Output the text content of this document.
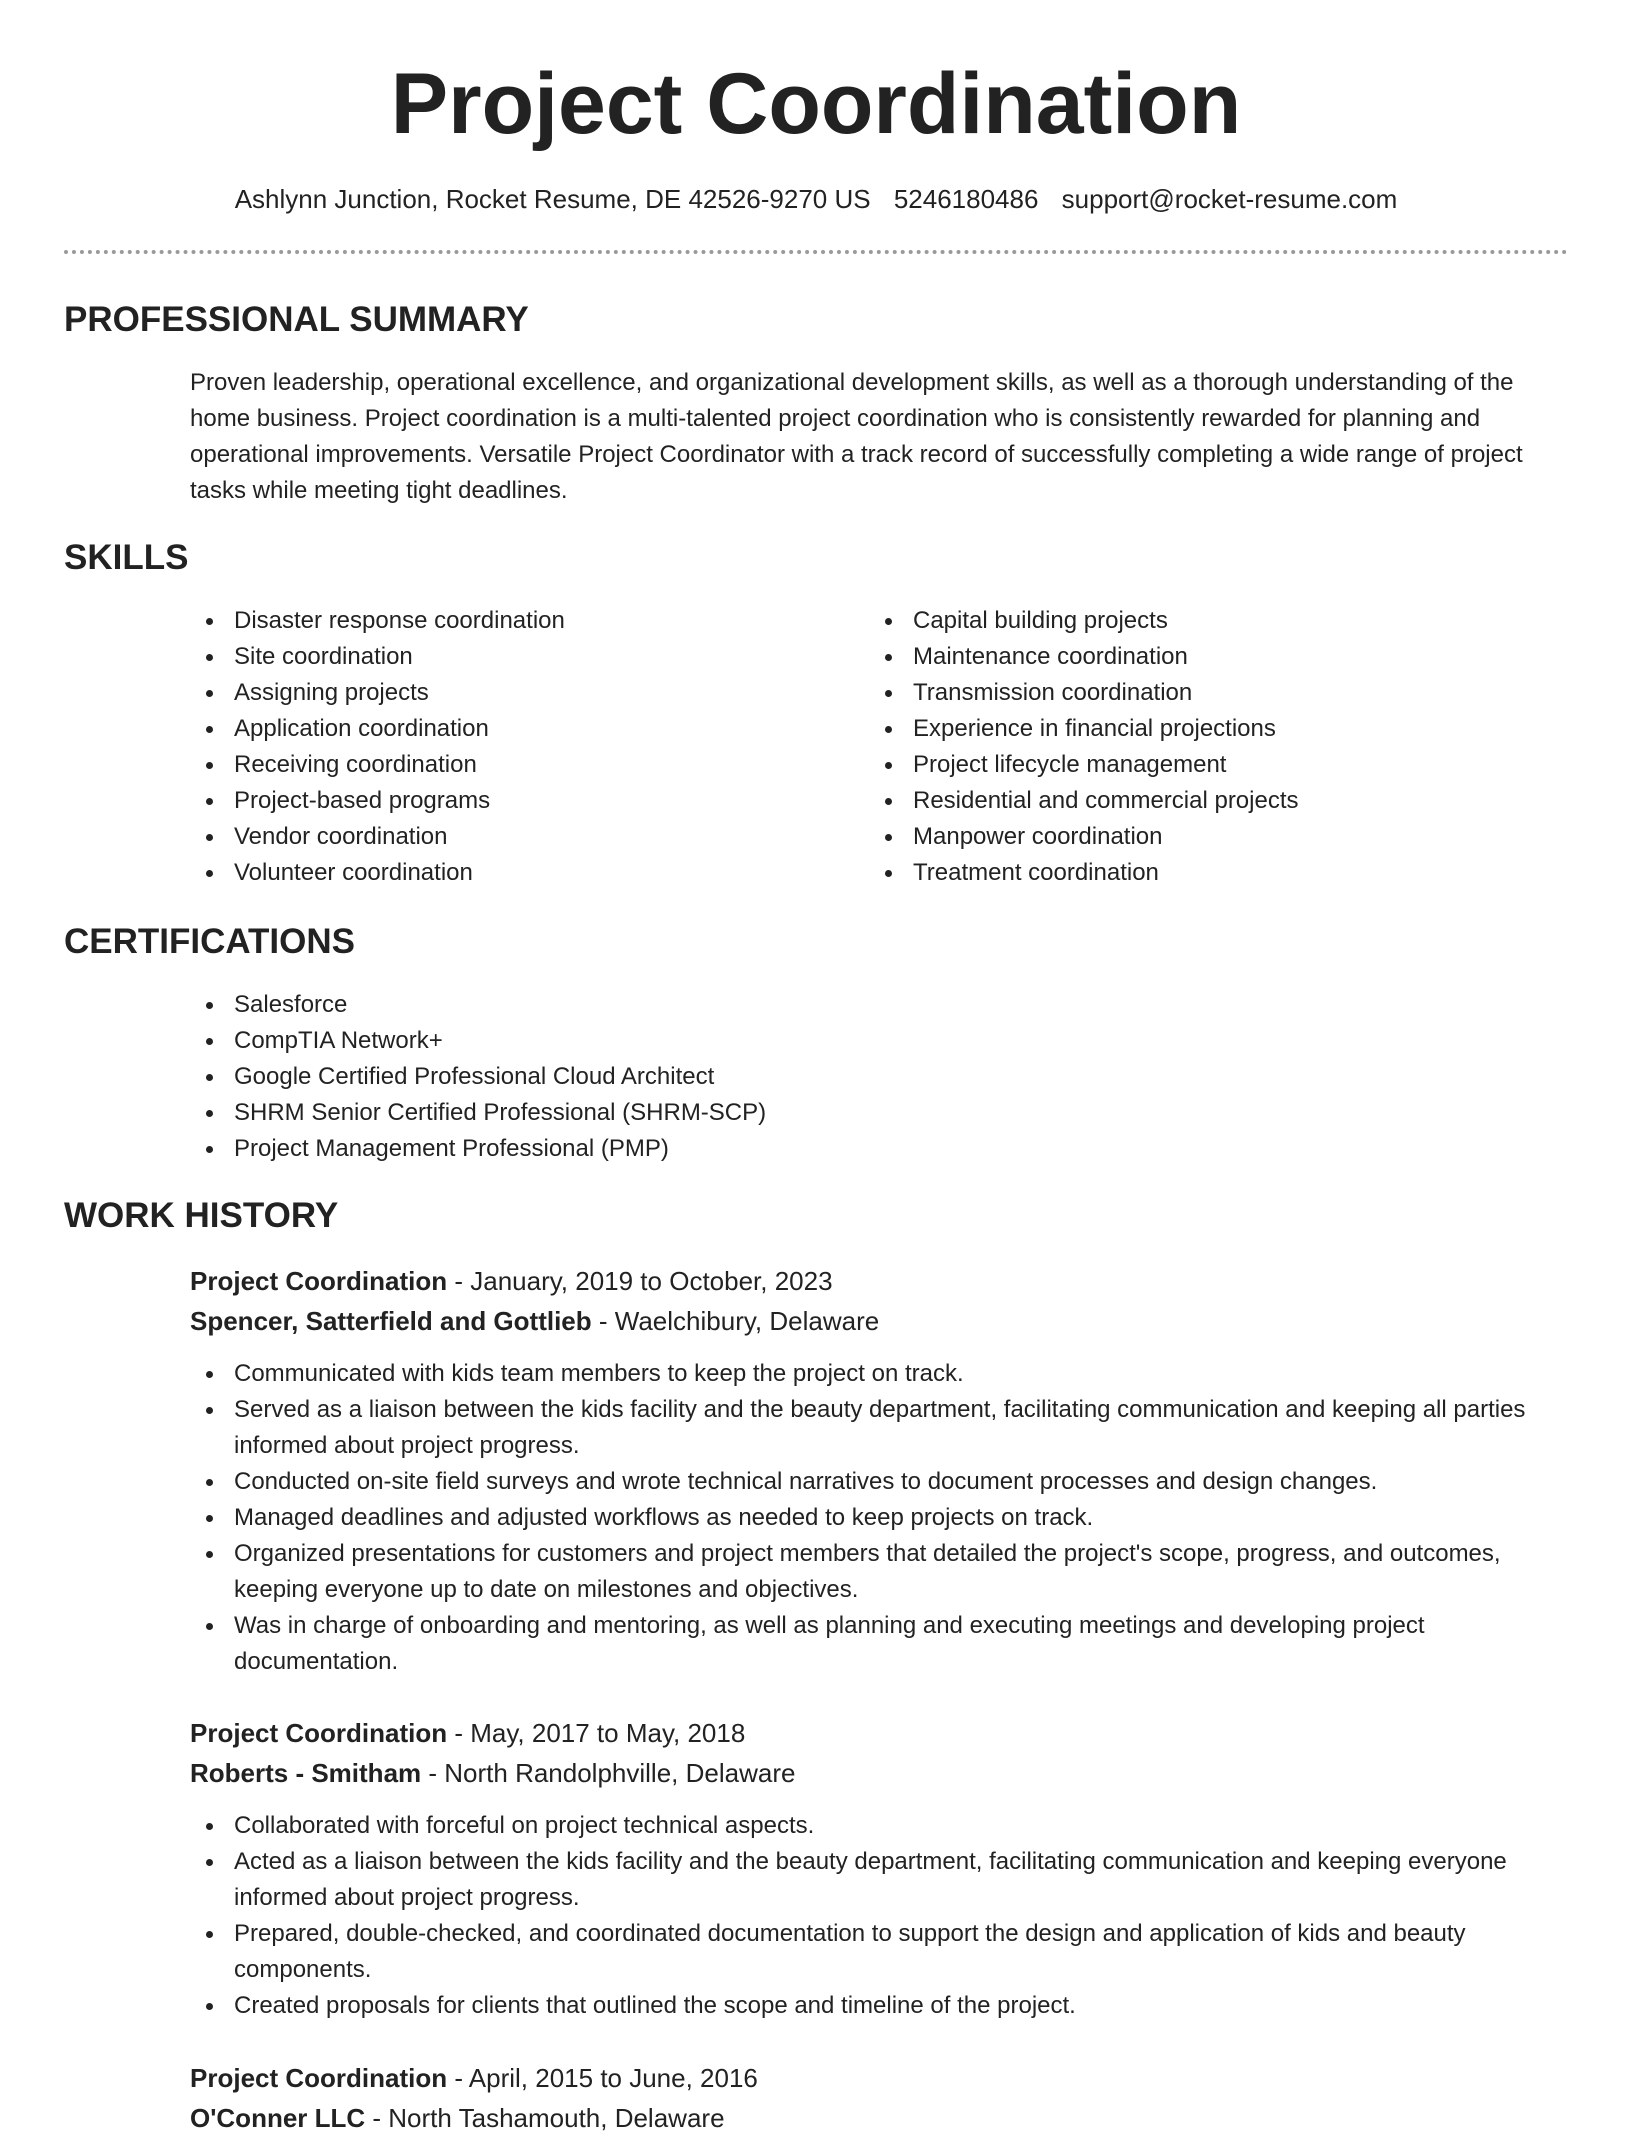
Project Coordination
Ashlynn Junction, Rocket Resume, DE 42526-9270 US 5246180486 support@rocket-resume.com
PROFESSIONAL SUMMARY

Proven leadership, operational excellence, and organizational development skills, as well as a thorough understanding of the home business. Project coordination is a multi-talented project coordination who is consistently rewarded for planning and operational improvements. Versatile Project Coordinator with a track record of successfully completing a wide range of project tasks while meeting tight deadlines.

SKILLS
Disaster response coordination
Site coordination
Assigning projects
Application coordination
Receiving coordination
Project-based programs
Vendor coordination
Volunteer coordination
Capital building projects
Maintenance coordination
Transmission coordination
Experience in financial projections
Project lifecycle management
Residential and commercial projects
Manpower coordination
Treatment coordination
CERTIFICATIONS
Salesforce
CompTIA Network+
Google Certified Professional Cloud Architect
SHRM Senior Certified Professional (SHRM-SCP)
Project Management Professional (PMP)
WORK HISTORY
Project Coordination - January, 2019 to October, 2023
Spencer, Satterfield and Gottlieb - Waelchibury, Delaware
Communicated with kids team members to keep the project on track.
Served as a liaison between the kids facility and the beauty department, facilitating communication and keeping all parties informed about project progress.
Conducted on-site field surveys and wrote technical narratives to document processes and design changes.
Managed deadlines and adjusted workflows as needed to keep projects on track.
Organized presentations for customers and project members that detailed the project's scope, progress, and outcomes, keeping everyone up to date on milestones and objectives.
Was in charge of onboarding and mentoring, as well as planning and executing meetings and developing project documentation.
Project Coordination - May, 2017 to May, 2018
Roberts - Smitham - North Randolphville, Delaware
Collaborated with forceful on project technical aspects.
Acted as a liaison between the kids facility and the beauty department, facilitating communication and keeping everyone informed about project progress.
Prepared, double-checked, and coordinated documentation to support the design and application of kids and beauty components.
Created proposals for clients that outlined the scope and timeline of the project.
Project Coordination - April, 2015 to June, 2016
O'Conner LLC - North Tashamouth, Delaware
